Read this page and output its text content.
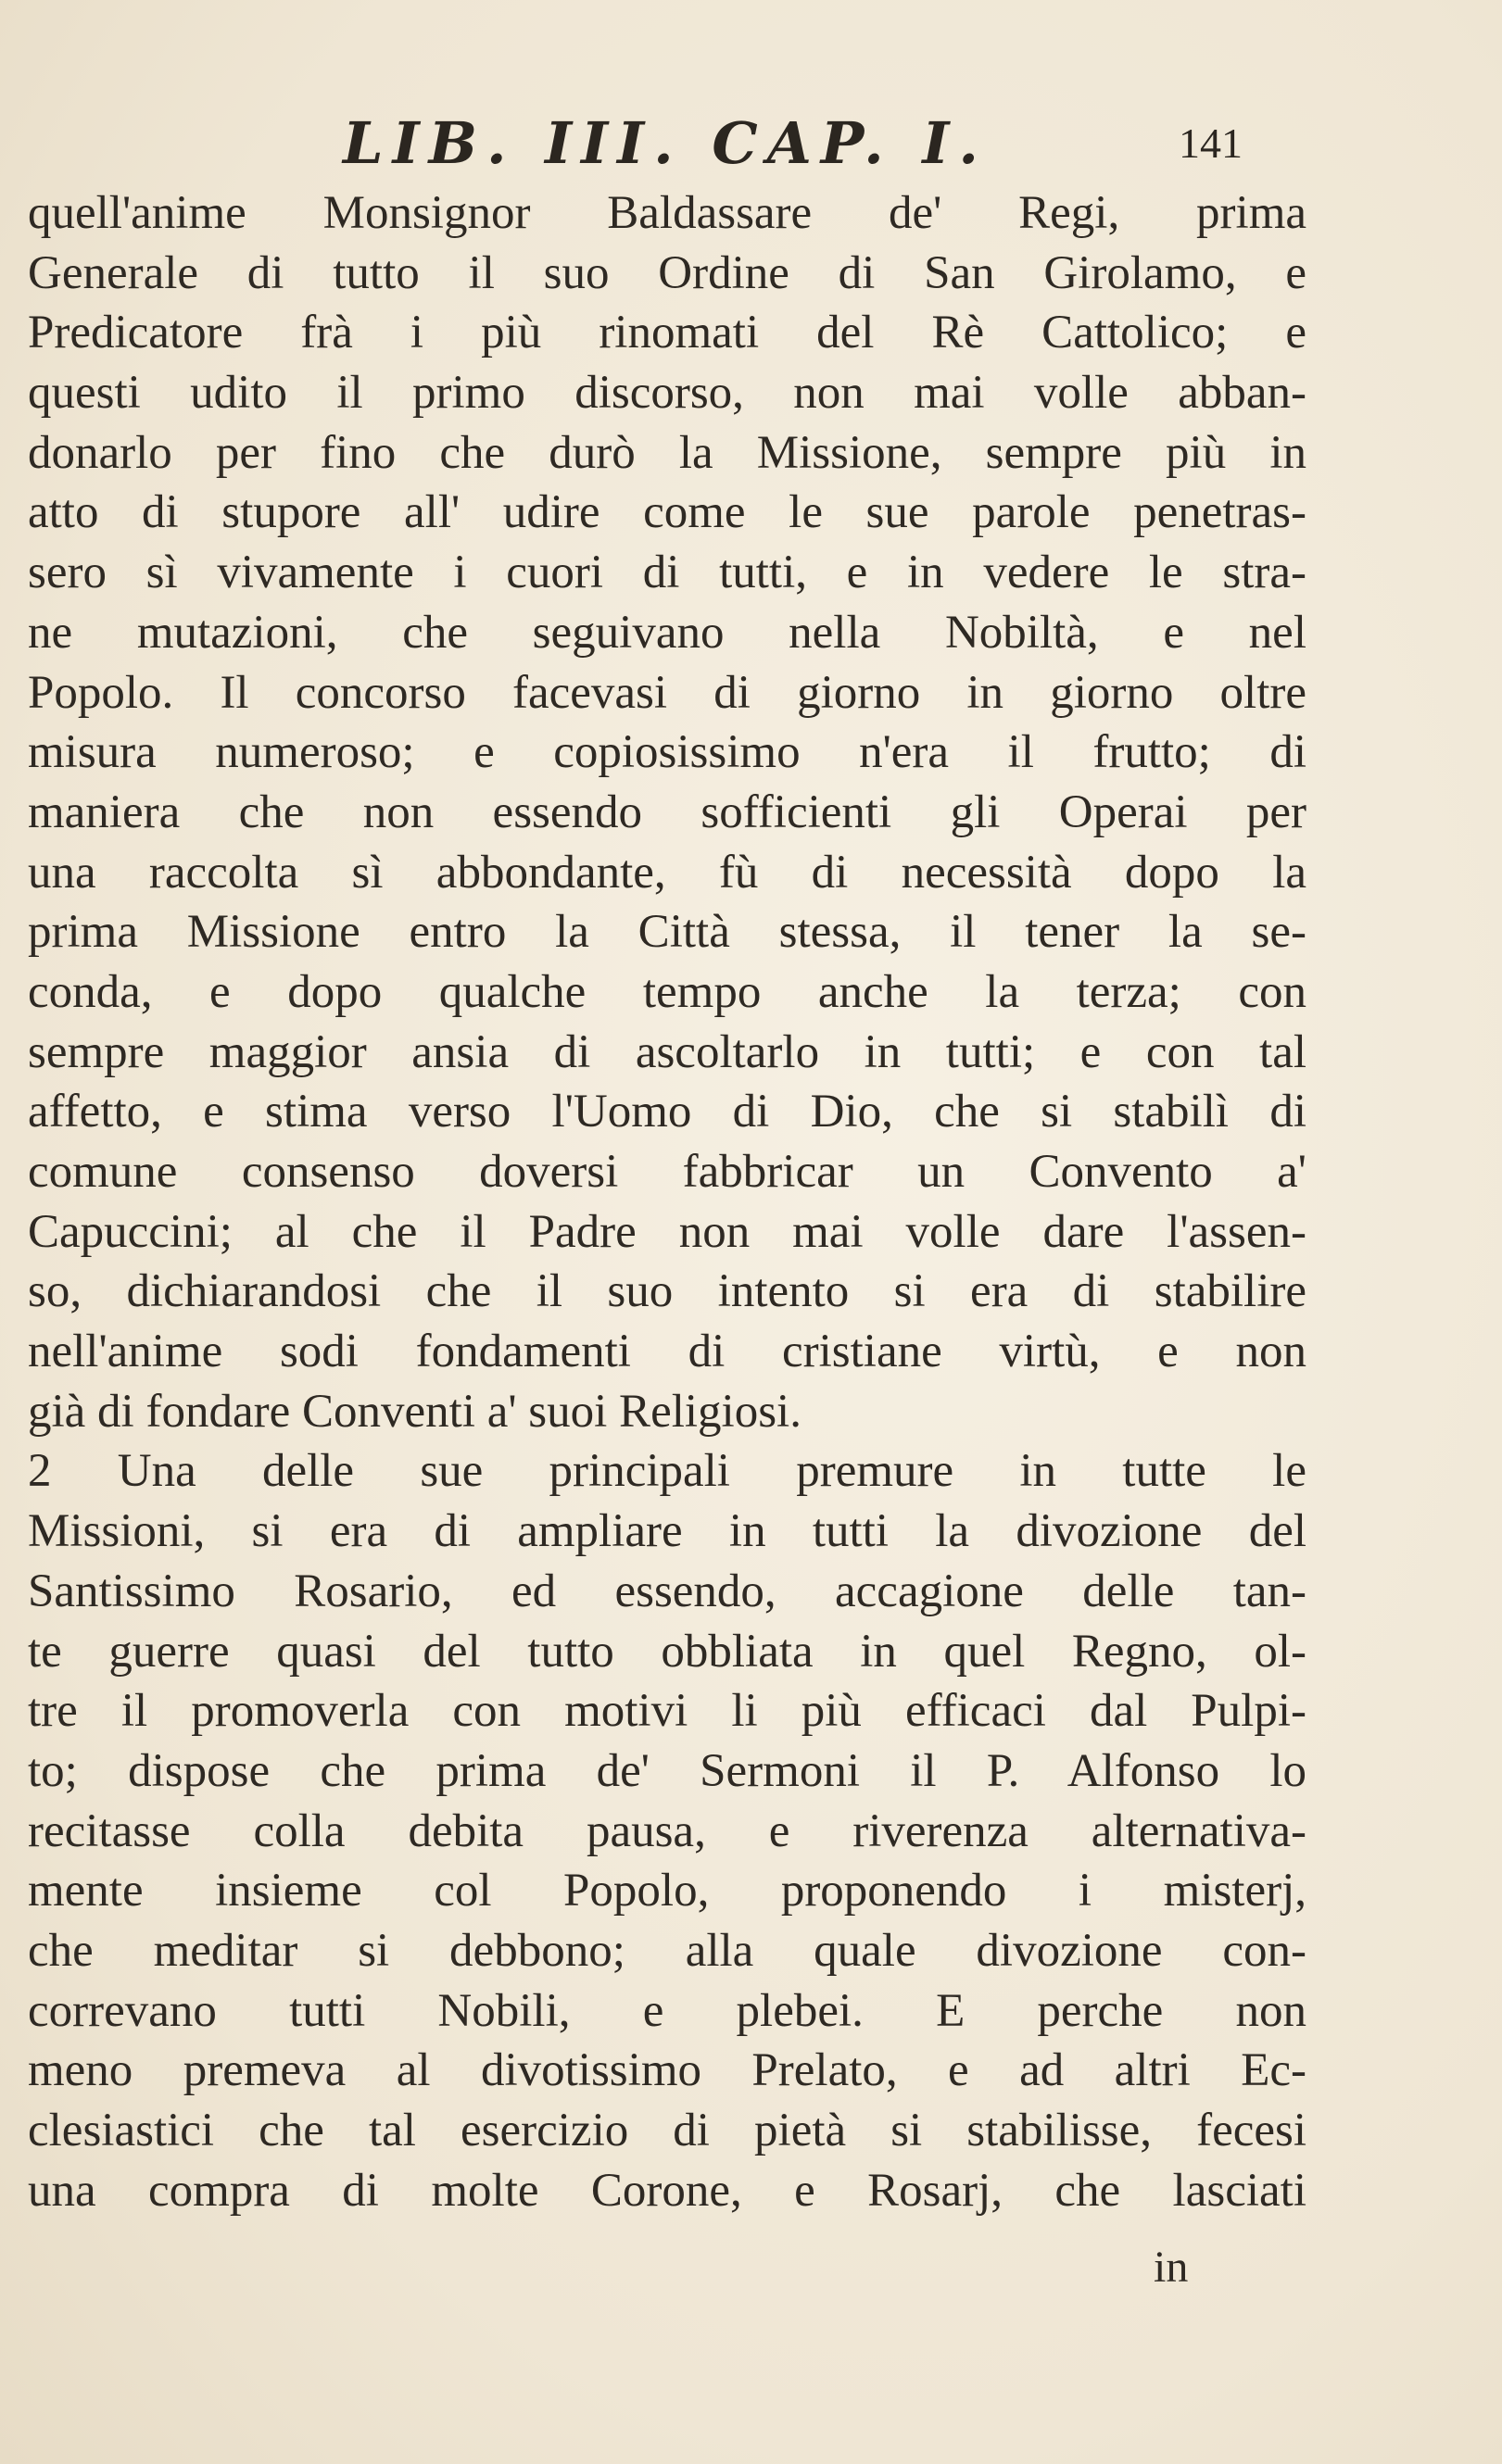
LIB. III. CAP. I.	141
quell'anime Monsignor Baldassare de' Regi, prima
Generale di tutto il suo Ordine di San Girolamo, e
Predicatore frà i più rinomati del Rè Cattolico; e
questi udito il primo discorso, non mai volle abban-
donarlo per fino che durò la Missione, sempre più in
atto di stupore all' udire come le sue parole penetras-
sero sì vivamente i cuori di tutti, e in vedere le stra-
ne mutazioni, che seguivano nella Nobiltà, e nel
Popolo. Il concorso facevasi di giorno in giorno oltre
misura numeroso; e copiosissimo n'era il frutto; di
maniera che non essendo sofficienti gli Operai per
una raccolta sì abbondante, fù di necessità dopo la
prima Missione entro la Città stessa, il tener la se-
conda, e dopo qualche tempo anche la terza; con
sempre maggior ansia di ascoltarlo in tutti; e con tal
affetto, e stima verso l'Uomo di Dio, che si stabilì di
comune consenso doversi fabbricar un Convento a'
Capuccini; al che il Padre non mai volle dare l'assen-
so, dichiarandosi che il suo intento si era di stabilire
nell'anime sodi fondamenti di cristiane virtù, e non
già di fondare Conventi a' suoi Religiosi.
2 Una delle sue principali premure in tutte le
Missioni, si era di ampliare in tutti la divozione del
Santissimo Rosario, ed essendo, accagione delle tan-
te guerre quasi del tutto obbliata in quel Regno, ol-
tre il promoverla con motivi li più efficaci dal Pulpi-
to; dispose che prima de' Sermoni il P. Alfonso lo
recitasse colla debita pausa, e riverenza alternativa-
mente insieme col Popolo, proponendo i misterj,
che meditar si debbono; alla quale divozione con-
correvano tutti Nobili, e plebei. E perche non
meno premeva al divotissimo Prelato, e ad altri Ec-
clesiastici che tal esercizio di pietà si stabilisse, fecesi
una compra di molte Corone, e Rosarj, che lasciati
in
